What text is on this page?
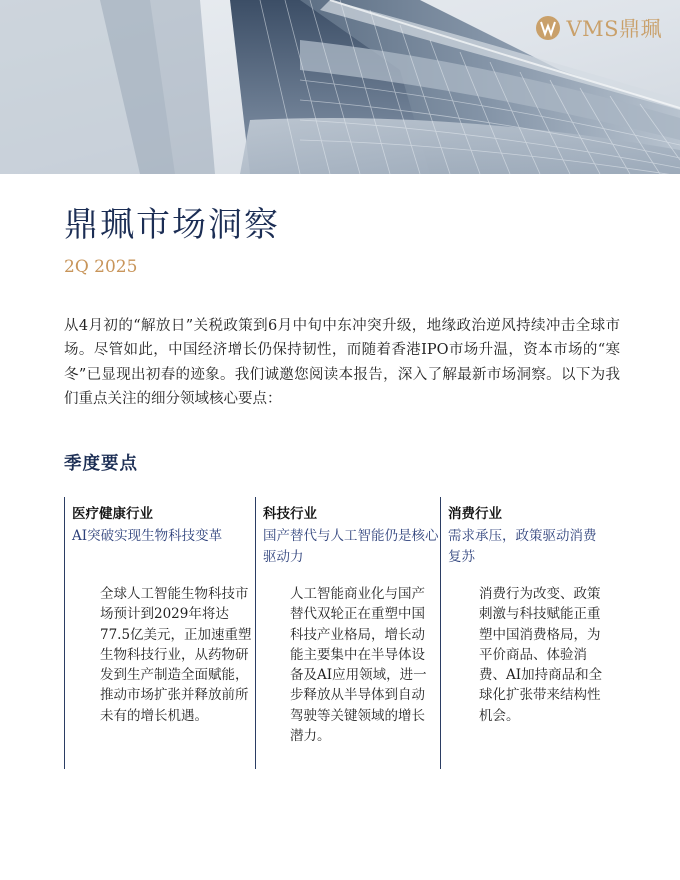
VMS鼎珮
鼎珮市场洞察
2Q 2025

从4月初的“解放日”关税政策到6月中旬中东冲突升级，地缘政治逆风持续冲击全球市场。尽管如此，中国经济增长仍保持韧性，而随着香港IPO市场升温，资本市场的“寒冬”已显现出初春的迹象。我们诚邀您阅读本报告，深入了解最新市场洞察。以下为我们重点关注的细分领域核心要点：

季度要点
医疗健康行业
AI突破实现生物科技变革

全球人工智能生物科技市场预计到2029年将达77.5亿美元，正加速重塑生物科技行业，从药物研发到生产制造全面赋能，推动市场扩张并释放前所未有的增长机遇。

科技行业
国产替代与人工智能仍是核心驱动力

人工智能商业化与国产替代双轮正在重塑中国科技产业格局，增长动能主要集中在半导体设备及AI应用领域，进一步释放从半导体到自动驾驶等关键领域的增长潜力。

消费行业
需求承压，政策驱动消费复苏

消费行为改变、政策刺激与科技赋能正重塑中国消费格局，为平价商品、体验消费、AI加持商品和全球化扩张带来结构性机会。
